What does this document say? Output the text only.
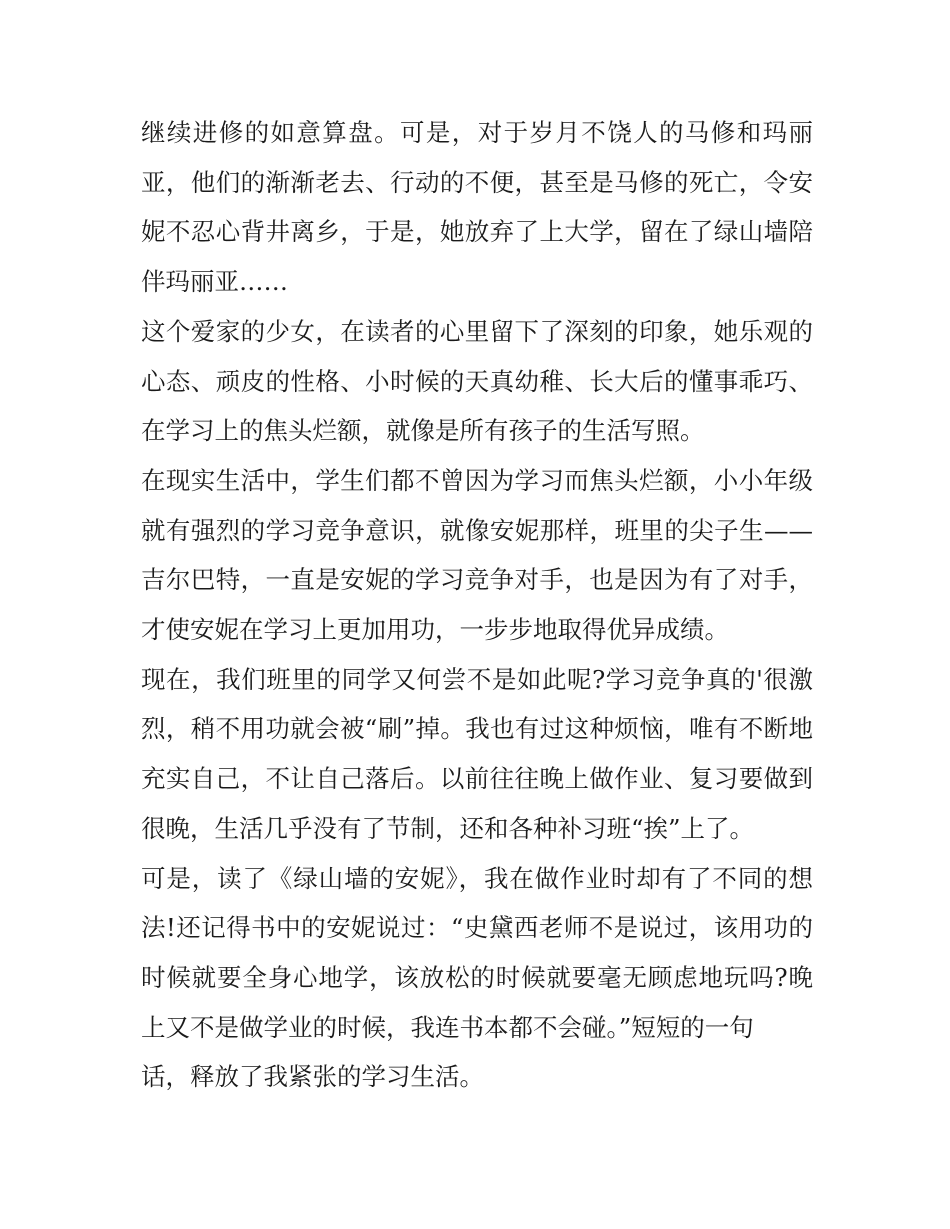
继续进修的如意算盘。可是，对于岁月不饶人的马修和玛丽
亚，他们的渐渐老去、行动的不便，甚至是马修的死亡，令安
妮不忍心背井离乡，于是，她放弃了上大学，留在了绿山墙陪
伴玛丽亚……

这个爱家的少女，在读者的心里留下了深刻的印象，她乐观的
心态、顽皮的性格、小时候的天真幼稚、长大后的懂事乖巧、
在学习上的焦头烂额，就像是所有孩子的生活写照。

在现实生活中，学生们都不曾因为学习而焦头烂额，小小年级
就有强烈的学习竞争意识，就像安妮那样，班里的尖子生——
吉尔巴特，一直是安妮的学习竞争对手，也是因为有了对手，
才使安妮在学习上更加用功，一步步地取得优异成绩。

现在，我们班里的同学又何尝不是如此呢?学习竞争真的'很激
烈，稍不用功就会被“刷”掉。我也有过这种烦恼，唯有不断地
充实自己，不让自己落后。以前往往晚上做作业、复习要做到
很晚，生活几乎没有了节制，还和各种补习班“挨”上了。

可是，读了《绿山墙的安妮》，我在做作业时却有了不同的想
法!还记得书中的安妮说过：“史黛西老师不是说过，该用功的
时候就要全身心地学，该放松的时候就要毫无顾虑地玩吗?晚
上又不是做学业的时候，我连书本都不会碰。”短短的一句
话，释放了我紧张的学习生活。
